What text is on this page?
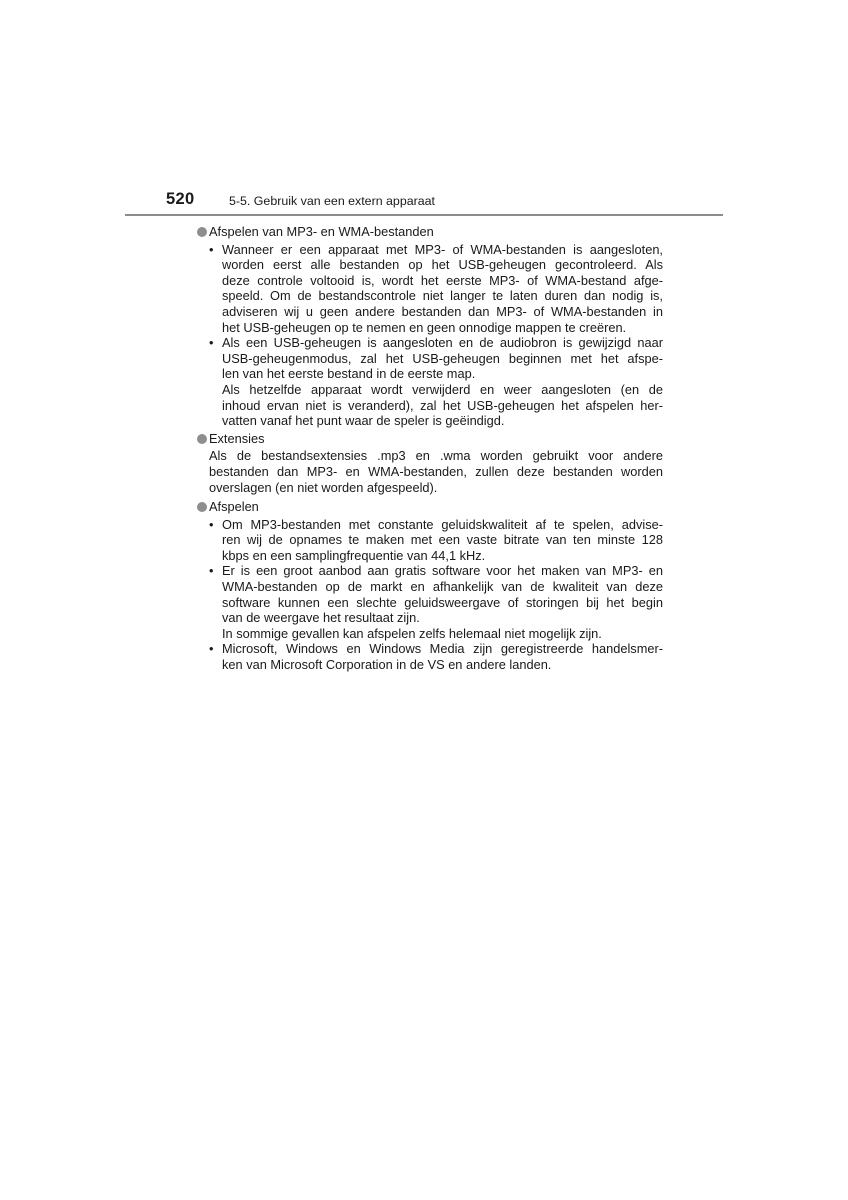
520	5-5. Gebruik van een extern apparaat
Afspelen van MP3- en WMA-bestanden
• Wanneer er een apparaat met MP3- of WMA-bestanden is aangesloten,
worden eerst alle bestanden op het USB-geheugen gecontroleerd. Als
deze controle voltooid is, wordt het eerste MP3- of WMA-bestand afge-
speeld. Om de bestandscontrole niet langer te laten duren dan nodig is,
adviseren wij u geen andere bestanden dan MP3- of WMA-bestanden in
het USB-geheugen op te nemen en geen onnodige mappen te creëren.
• Als een USB-geheugen is aangesloten en de audiobron is gewijzigd naar
USB-geheugenmodus, zal het USB-geheugen beginnen met het afspe-
len van het eerste bestand in de eerste map.
Als hetzelfde apparaat wordt verwijderd en weer aangesloten (en de
inhoud ervan niet is veranderd), zal het USB-geheugen het afspelen her-
vatten vanaf het punt waar de speler is geëindigd.
Extensies
Als de bestandsextensies .mp3 en .wma worden gebruikt voor andere
bestanden dan MP3- en WMA-bestanden, zullen deze bestanden worden
overslagen (en niet worden afgespeeld).
Afspelen
• Om MP3-bestanden met constante geluidskwaliteit af te spelen, advise-
ren wij de opnames te maken met een vaste bitrate van ten minste 128
kbps en een samplingfrequentie van 44,1 kHz.
• Er is een groot aanbod aan gratis software voor het maken van MP3- en
WMA-bestanden op de markt en afhankelijk van de kwaliteit van deze
software kunnen een slechte geluidsweergave of storingen bij het begin
van de weergave het resultaat zijn.
In sommige gevallen kan afspelen zelfs helemaal niet mogelijk zijn.
• Microsoft, Windows en Windows Media zijn geregistreerde handelsmer-
ken van Microsoft Corporation in de VS en andere landen.
